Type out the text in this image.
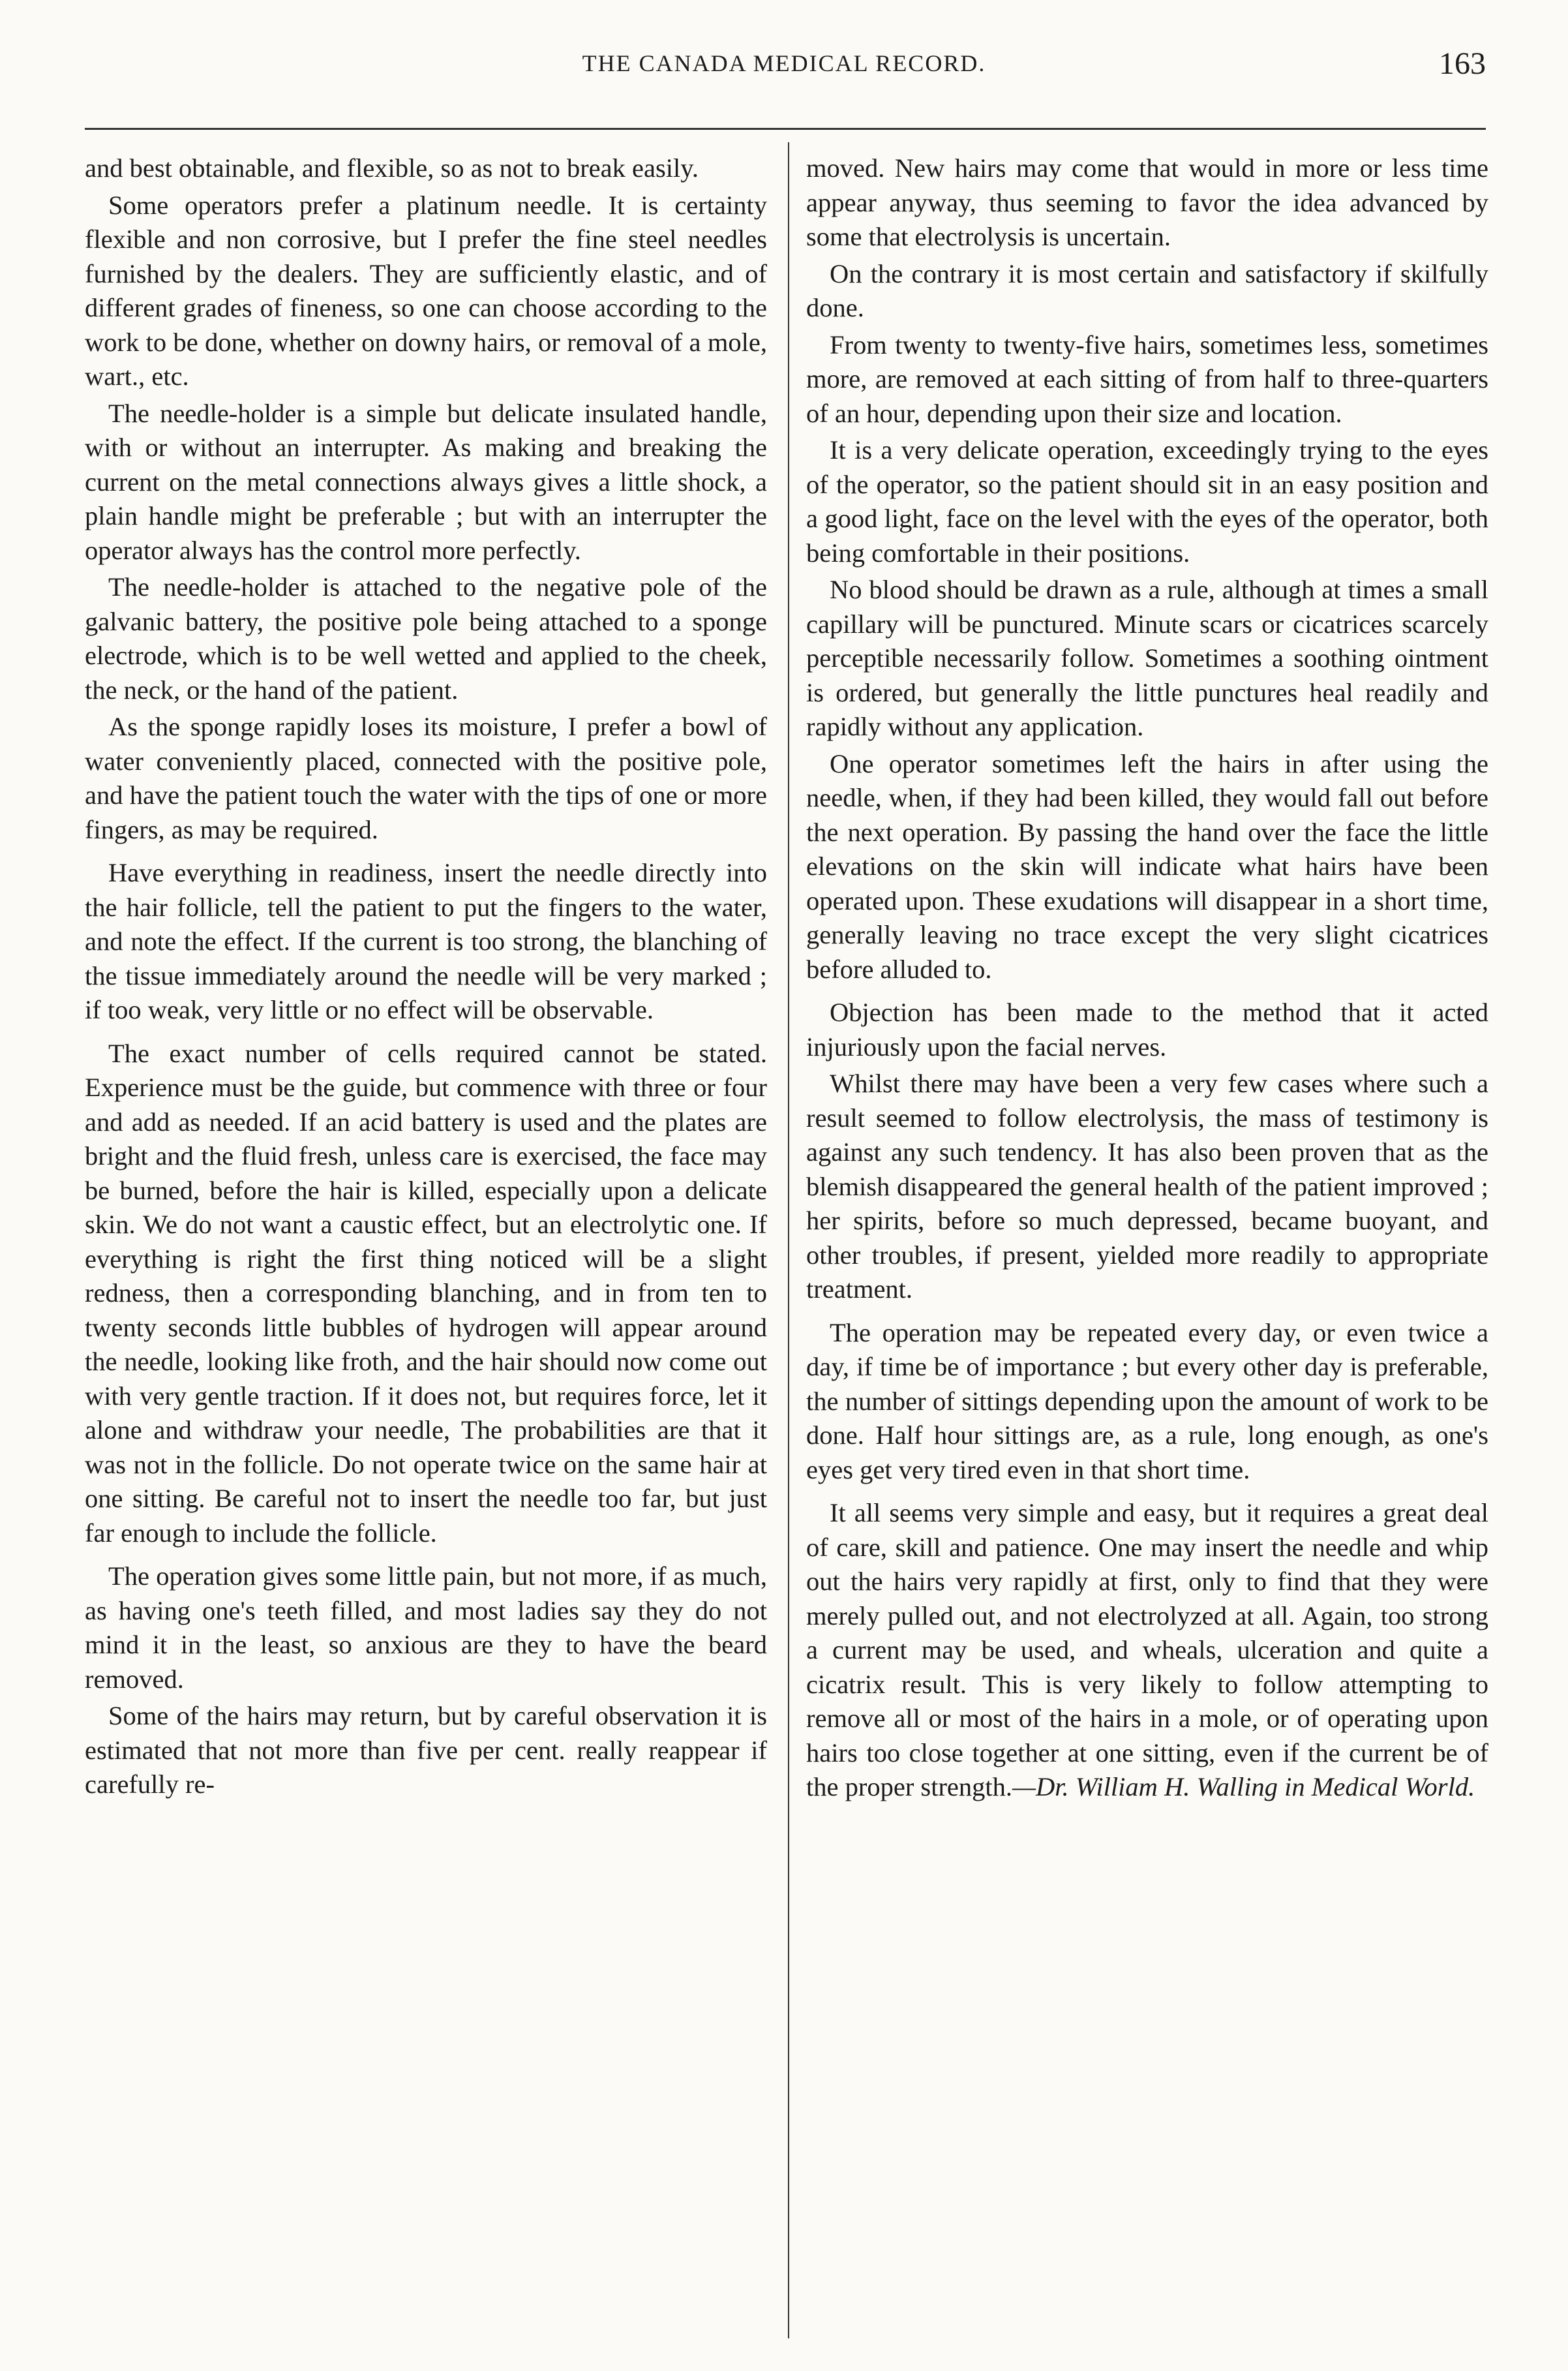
THE CANADA MEDICAL RECORD.	163

and best obtainable, and flexible, so as not to break easily.

Some operators prefer a platinum needle. It is certainty flexible and non corrosive, but I prefer the fine steel needles furnished by the dealers. They are sufficiently elastic, and of different grades of fineness, so one can choose according to the work to be done, whether on downy hairs, or removal of a mole, wart., etc.

The needle-holder is a simple but delicate insulated handle, with or without an interrupter. As making and breaking the current on the metal connections always gives a little shock, a plain handle might be preferable ; but with an interrupter the operator always has the control more perfectly.

The needle-holder is attached to the negative pole of the galvanic battery, the positive pole being attached to a sponge electrode, which is to be well wetted and applied to the cheek, the neck, or the hand of the patient.

As the sponge rapidly loses its moisture, I prefer a bowl of water conveniently placed, connected with the positive pole, and have the patient touch the water with the tips of one or more fingers, as may be required.

Have everything in readiness, insert the needle directly into the hair follicle, tell the patient to put the fingers to the water, and note the effect. If the current is too strong, the blanching of the tissue immediately around the needle will be very marked ; if too weak, very little or no effect will be observable.

The exact number of cells required cannot be stated. Experience must be the guide, but commence with three or four and add as needed. If an acid battery is used and the plates are bright and the fluid fresh, unless care is exercised, the face may be burned, before the hair is killed, especially upon a delicate skin. We do not want a caustic effect, but an electrolytic one. If everything is right the first thing noticed will be a slight redness, then a corresponding blanching, and in from ten to twenty seconds little bubbles of hydrogen will appear around the needle, looking like froth, and the hair should now come out with very gentle traction. If it does not, but requires force, let it alone and withdraw your needle, The probabilities are that it was not in the follicle. Do not operate twice on the same hair at one sitting. Be careful not to insert the needle too far, but just far enough to include the follicle.

The operation gives some little pain, but not more, if as much, as having one's teeth filled, and most ladies say they do not mind it in the least, so anxious are they to have the beard removed.

Some of the hairs may return, but by careful observation it is estimated that not more than five per cent. really reappear if carefully re-

moved. New hairs may come that would in more or less time appear anyway, thus seeming to favor the idea advanced by some that electrolysis is uncertain.

On the contrary it is most certain and satisfactory if skilfully done.

From twenty to twenty-five hairs, sometimes less, sometimes more, are removed at each sitting of from half to three-quarters of an hour, depending upon their size and location.

It is a very delicate operation, exceedingly trying to the eyes of the operator, so the patient should sit in an easy position and a good light, face on the level with the eyes of the operator, both being comfortable in their positions.

No blood should be drawn as a rule, although at times a small capillary will be punctured. Minute scars or cicatrices scarcely perceptible necessarily follow. Sometimes a soothing ointment is ordered, but generally the little punctures heal readily and rapidly without any application.

One operator sometimes left the hairs in after using the needle, when, if they had been killed, they would fall out before the next operation. By passing the hand over the face the little elevations on the skin will indicate what hairs have been operated upon. These exudations will disappear in a short time, generally leaving no trace except the very slight cicatrices before alluded to.

Objection has been made to the method that it acted injuriously upon the facial nerves.

Whilst there may have been a very few cases where such a result seemed to follow electrolysis, the mass of testimony is against any such tendency. It has also been proven that as the blemish disappeared the general health of the patient improved ; her spirits, before so much depressed, became buoyant, and other troubles, if present, yielded more readily to appropriate treatment.

The operation may be repeated every day, or even twice a day, if time be of importance ; but every other day is preferable, the number of sittings depending upon the amount of work to be done. Half hour sittings are, as a rule, long enough, as one's eyes get very tired even in that short time.

It all seems very simple and easy, but it requires a great deal of care, skill and patience. One may insert the needle and whip out the hairs very rapidly at first, only to find that they were merely pulled out, and not electrolyzed at all. Again, too strong a current may be used, and wheals, ulceration and quite a cicatrix result. This is very likely to follow attempting to remove all or most of the hairs in a mole, or of operating upon hairs too close together at one sitting, even if the current be of the proper strength.—Dr. William H. Walling in Medical World.
